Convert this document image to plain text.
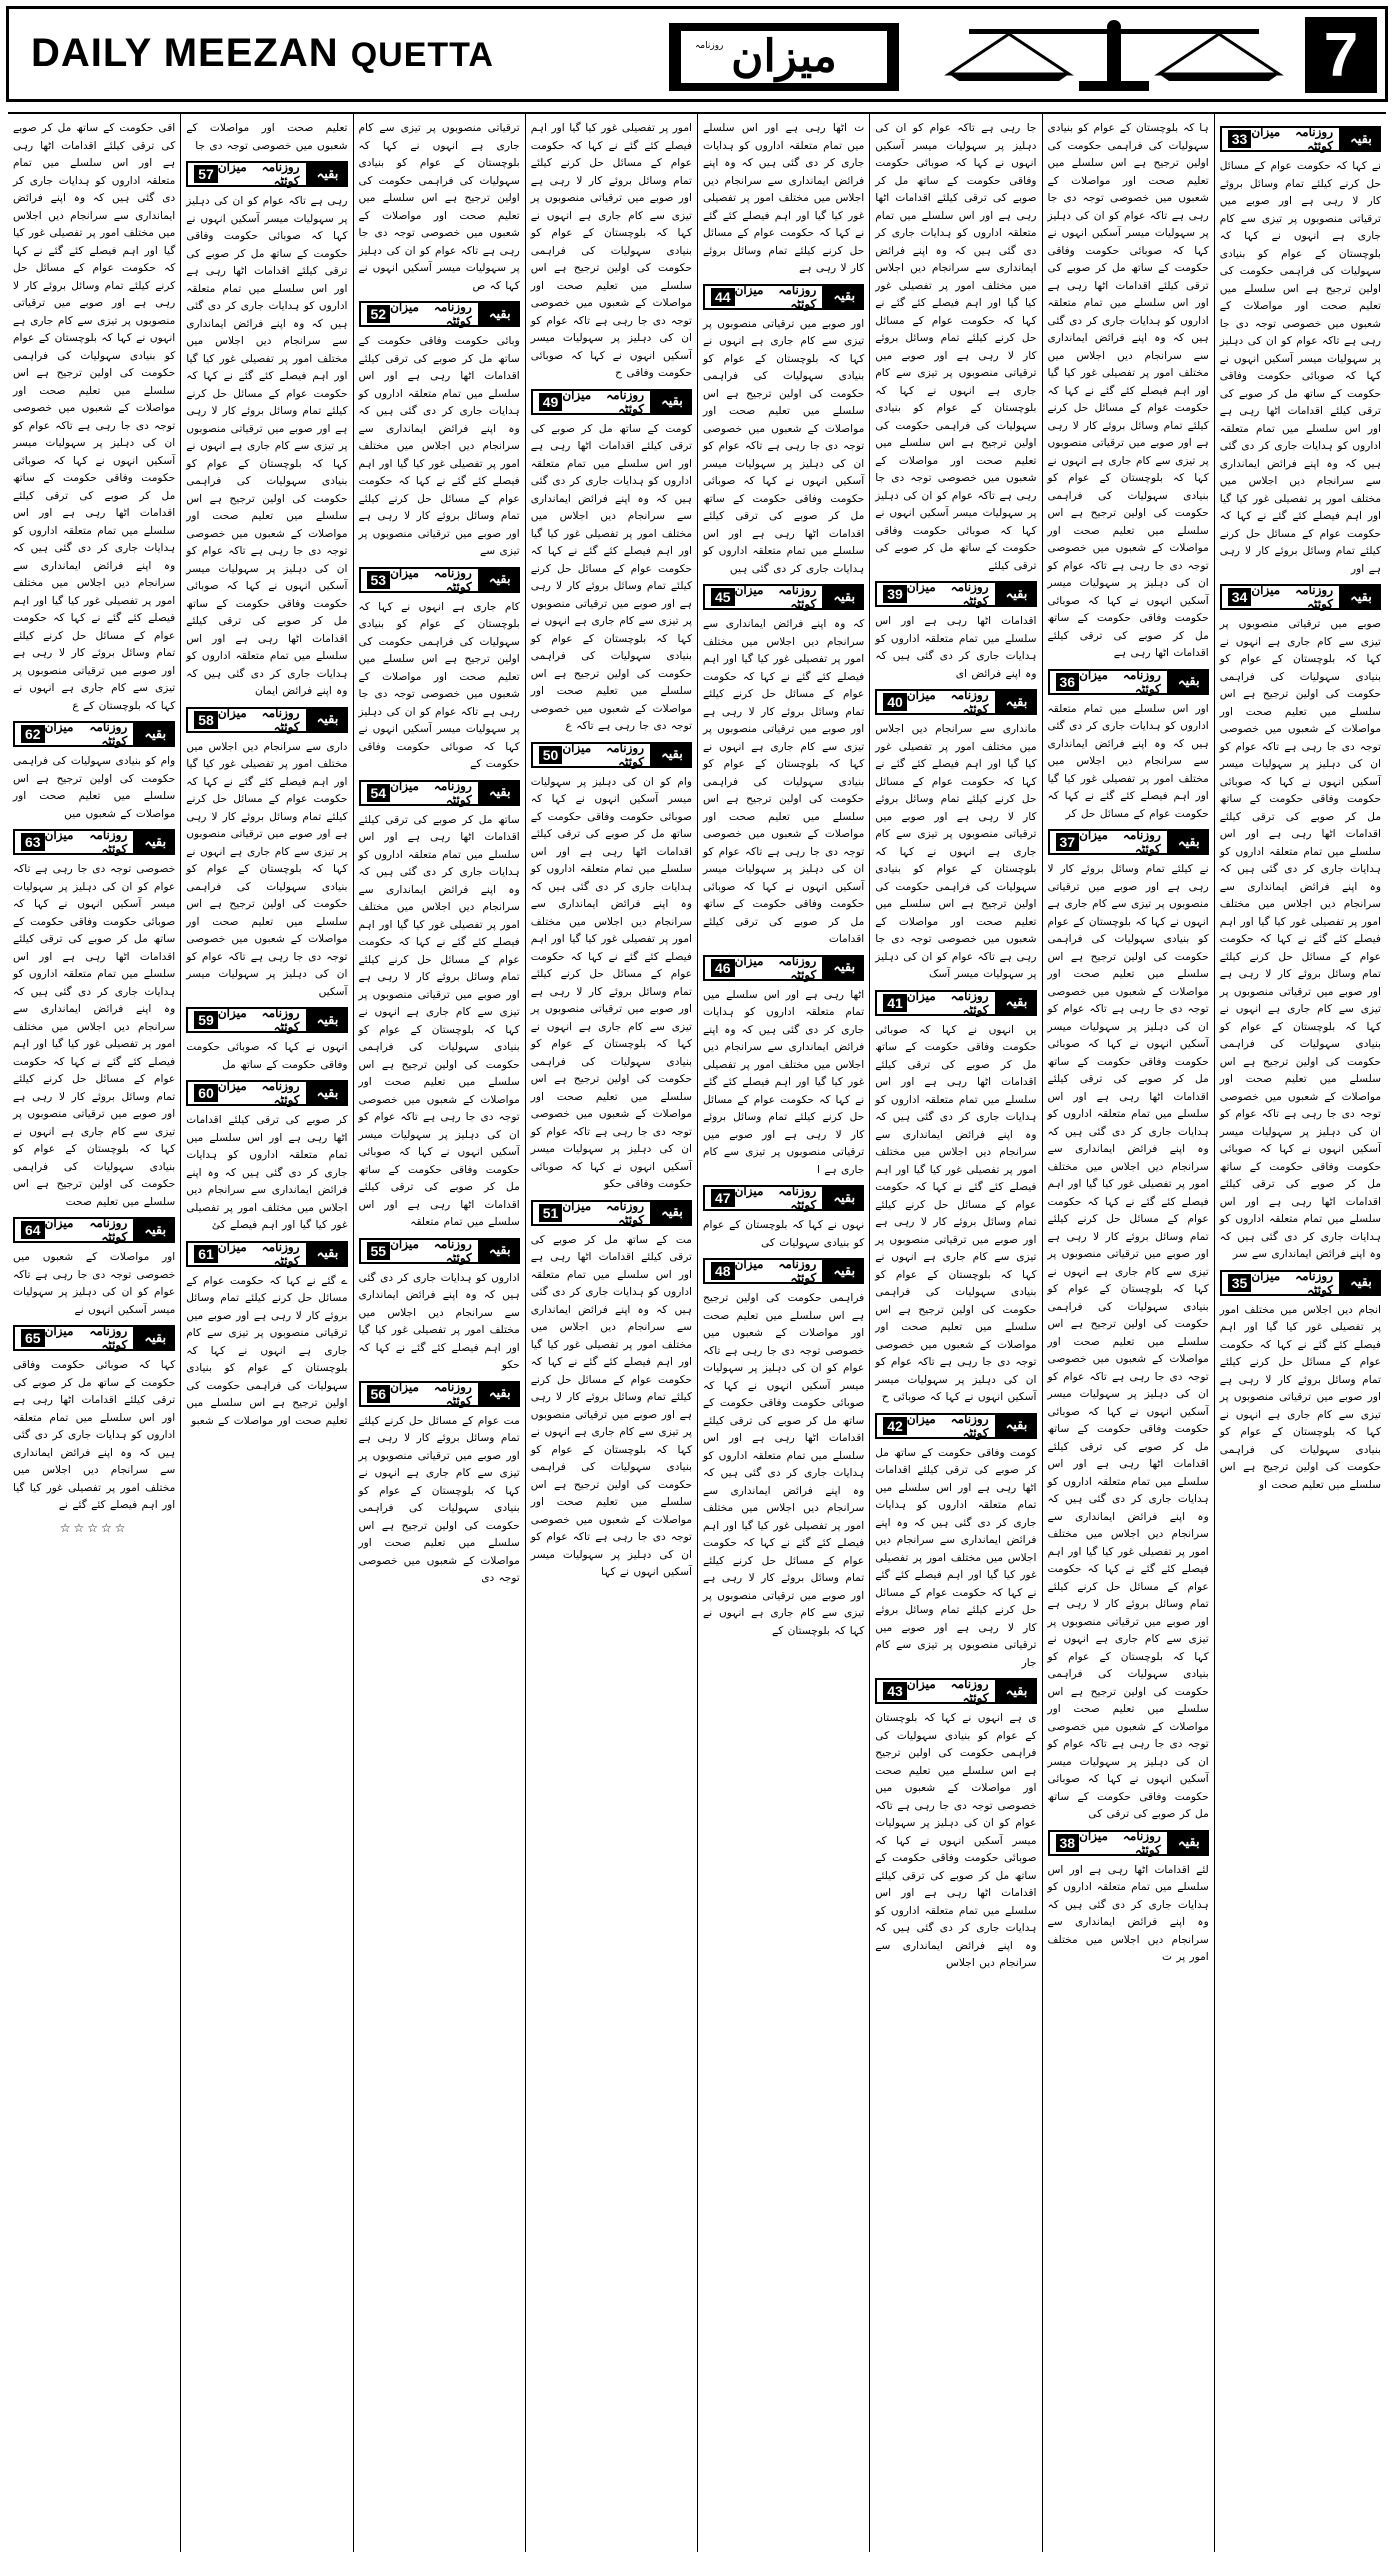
DAILY MEEZAN QUETTA	روزنامہ میزان	7
بقیہ
روزنامہ میزان کوئٹہ
33
نے کہا کہ حکومت عوام کے مسائل حل کرنے کیلئے تمام وسائل بروئے کار لا رہی ہے اور صوبے میں ترقیاتی منصوبوں پر تیزی سے کام جاری ہے انہوں نے کہا کہ بلوچستان کے عوام کو بنیادی سہولیات کی فراہمی حکومت کی اولین ترجیح ہے اس سلسلے میں تعلیم صحت اور مواصلات کے شعبوں میں خصوصی توجہ دی جا رہی ہے تاکہ عوام کو ان کی دہلیز پر سہولیات میسر آسکیں انہوں نے کہا کہ صوبائی حکومت وفاقی حکومت کے ساتھ مل کر صوبے کی ترقی کیلئے اقدامات اٹھا رہی ہے اور اس سلسلے میں تمام متعلقہ اداروں کو ہدایات جاری کر دی گئی ہیں کہ وہ اپنے فرائض ایمانداری سے سرانجام دیں اجلاس میں مختلف امور پر تفصیلی غور کیا گیا اور اہم فیصلے کئے گئے نے کہا کہ حکومت عوام کے مسائل حل کرنے کیلئے تمام وسائل بروئے کار لا رہی ہے اور
بقیہ
روزنامہ میزان کوئٹہ
34
صوبے میں ترقیاتی منصوبوں پر تیزی سے کام جاری ہے انہوں نے کہا کہ بلوچستان کے عوام کو بنیادی سہولیات کی فراہمی حکومت کی اولین ترجیح ہے اس سلسلے میں تعلیم صحت اور مواصلات کے شعبوں میں خصوصی توجہ دی جا رہی ہے تاکہ عوام کو ان کی دہلیز پر سہولیات میسر آسکیں انہوں نے کہا کہ صوبائی حکومت وفاقی حکومت کے ساتھ مل کر صوبے کی ترقی کیلئے اقدامات اٹھا رہی ہے اور اس سلسلے میں تمام متعلقہ اداروں کو ہدایات جاری کر دی گئی ہیں کہ وہ اپنے فرائض ایمانداری سے سرانجام دیں اجلاس میں مختلف امور پر تفصیلی غور کیا گیا اور اہم فیصلے کئے گئے نے کہا کہ حکومت عوام کے مسائل حل کرنے کیلئے تمام وسائل بروئے کار لا رہی ہے اور صوبے میں ترقیاتی منصوبوں پر تیزی سے کام جاری ہے انہوں نے کہا کہ بلوچستان کے عوام کو بنیادی سہولیات کی فراہمی حکومت کی اولین ترجیح ہے اس سلسلے میں تعلیم صحت اور مواصلات کے شعبوں میں خصوصی توجہ دی جا رہی ہے تاکہ عوام کو ان کی دہلیز پر سہولیات میسر آسکیں انہوں نے کہا کہ صوبائی حکومت وفاقی حکومت کے ساتھ مل کر صوبے کی ترقی کیلئے اقدامات اٹھا رہی ہے اور اس سلسلے میں تمام متعلقہ اداروں کو ہدایات جاری کر دی گئی ہیں کہ وہ اپنے فرائض ایمانداری سے سر
بقیہ
روزنامہ میزان کوئٹہ
35
انجام دیں اجلاس میں مختلف امور پر تفصیلی غور کیا گیا اور اہم فیصلے کئے گئے نے کہا کہ حکومت عوام کے مسائل حل کرنے کیلئے تمام وسائل بروئے کار لا رہی ہے اور صوبے میں ترقیاتی منصوبوں پر تیزی سے کام جاری ہے انہوں نے کہا کہ بلوچستان کے عوام کو بنیادی سہولیات کی فراہمی حکومت کی اولین ترجیح ہے اس سلسلے میں تعلیم صحت او
ہا کہ بلوچستان کے عوام کو بنیادی سہولیات کی فراہمی حکومت کی اولین ترجیح ہے اس سلسلے میں تعلیم صحت اور مواصلات کے شعبوں میں خصوصی توجہ دی جا رہی ہے تاکہ عوام کو ان کی دہلیز پر سہولیات میسر آسکیں انہوں نے کہا کہ صوبائی حکومت وفاقی حکومت کے ساتھ مل کر صوبے کی ترقی کیلئے اقدامات اٹھا رہی ہے اور اس سلسلے میں تمام متعلقہ اداروں کو ہدایات جاری کر دی گئی ہیں کہ وہ اپنے فرائض ایمانداری سے سرانجام دیں اجلاس میں مختلف امور پر تفصیلی غور کیا گیا اور اہم فیصلے کئے گئے نے کہا کہ حکومت عوام کے مسائل حل کرنے کیلئے تمام وسائل بروئے کار لا رہی ہے اور صوبے میں ترقیاتی منصوبوں پر تیزی سے کام جاری ہے انہوں نے کہا کہ بلوچستان کے عوام کو بنیادی سہولیات کی فراہمی حکومت کی اولین ترجیح ہے اس سلسلے میں تعلیم صحت اور مواصلات کے شعبوں میں خصوصی توجہ دی جا رہی ہے تاکہ عوام کو ان کی دہلیز پر سہولیات میسر آسکیں انہوں نے کہا کہ صوبائی حکومت وفاقی حکومت کے ساتھ مل کر صوبے کی ترقی کیلئے اقدامات اٹھا رہی ہے
بقیہ
روزنامہ میزان کوئٹہ
36
اور اس سلسلے میں تمام متعلقہ اداروں کو ہدایات جاری کر دی گئی ہیں کہ وہ اپنے فرائض ایمانداری سے سرانجام دیں اجلاس میں مختلف امور پر تفصیلی غور کیا گیا اور اہم فیصلے کئے گئے نے کہا کہ حکومت عوام کے مسائل حل کر
بقیہ
روزنامہ میزان کوئٹہ
37
نے کیلئے تمام وسائل بروئے کار لا رہی ہے اور صوبے میں ترقیاتی منصوبوں پر تیزی سے کام جاری ہے انہوں نے کہا کہ بلوچستان کے عوام کو بنیادی سہولیات کی فراہمی حکومت کی اولین ترجیح ہے اس سلسلے میں تعلیم صحت اور مواصلات کے شعبوں میں خصوصی توجہ دی جا رہی ہے تاکہ عوام کو ان کی دہلیز پر سہولیات میسر آسکیں انہوں نے کہا کہ صوبائی حکومت وفاقی حکومت کے ساتھ مل کر صوبے کی ترقی کیلئے اقدامات اٹھا رہی ہے اور اس سلسلے میں تمام متعلقہ اداروں کو ہدایات جاری کر دی گئی ہیں کہ وہ اپنے فرائض ایمانداری سے سرانجام دیں اجلاس میں مختلف امور پر تفصیلی غور کیا گیا اور اہم فیصلے کئے گئے نے کہا کہ حکومت عوام کے مسائل حل کرنے کیلئے تمام وسائل بروئے کار لا رہی ہے اور صوبے میں ترقیاتی منصوبوں پر تیزی سے کام جاری ہے انہوں نے کہا کہ بلوچستان کے عوام کو بنیادی سہولیات کی فراہمی حکومت کی اولین ترجیح ہے اس سلسلے میں تعلیم صحت اور مواصلات کے شعبوں میں خصوصی توجہ دی جا رہی ہے تاکہ عوام کو ان کی دہلیز پر سہولیات میسر آسکیں انہوں نے کہا کہ صوبائی حکومت وفاقی حکومت کے ساتھ مل کر صوبے کی ترقی کیلئے اقدامات اٹھا رہی ہے اور اس سلسلے میں تمام متعلقہ اداروں کو ہدایات جاری کر دی گئی ہیں کہ وہ اپنے فرائض ایمانداری سے سرانجام دیں اجلاس میں مختلف امور پر تفصیلی غور کیا گیا اور اہم فیصلے کئے گئے نے کہا کہ حکومت عوام کے مسائل حل کرنے کیلئے تمام وسائل بروئے کار لا رہی ہے اور صوبے میں ترقیاتی منصوبوں پر تیزی سے کام جاری ہے انہوں نے کہا کہ بلوچستان کے عوام کو بنیادی سہولیات کی فراہمی حکومت کی اولین ترجیح ہے اس سلسلے میں تعلیم صحت اور مواصلات کے شعبوں میں خصوصی توجہ دی جا رہی ہے تاکہ عوام کو ان کی دہلیز پر سہولیات میسر آسکیں انہوں نے کہا کہ صوبائی حکومت وفاقی حکومت کے ساتھ مل کر صوبے کی ترقی کی
بقیہ
روزنامہ میزان کوئٹہ
38
لئے اقدامات اٹھا رہی ہے اور اس سلسلے میں تمام متعلقہ اداروں کو ہدایات جاری کر دی گئی ہیں کہ وہ اپنے فرائض ایمانداری سے سرانجام دیں اجلاس میں مختلف امور پر ت
جا رہی ہے تاکہ عوام کو ان کی دہلیز پر سہولیات میسر آسکیں انہوں نے کہا کہ صوبائی حکومت وفاقی حکومت کے ساتھ مل کر صوبے کی ترقی کیلئے اقدامات اٹھا رہی ہے اور اس سلسلے میں تمام متعلقہ اداروں کو ہدایات جاری کر دی گئی ہیں کہ وہ اپنے فرائض ایمانداری سے سرانجام دیں اجلاس میں مختلف امور پر تفصیلی غور کیا گیا اور اہم فیصلے کئے گئے نے کہا کہ حکومت عوام کے مسائل حل کرنے کیلئے تمام وسائل بروئے کار لا رہی ہے اور صوبے میں ترقیاتی منصوبوں پر تیزی سے کام جاری ہے انہوں نے کہا کہ بلوچستان کے عوام کو بنیادی سہولیات کی فراہمی حکومت کی اولین ترجیح ہے اس سلسلے میں تعلیم صحت اور مواصلات کے شعبوں میں خصوصی توجہ دی جا رہی ہے تاکہ عوام کو ان کی دہلیز پر سہولیات میسر آسکیں انہوں نے کہا کہ صوبائی حکومت وفاقی حکومت کے ساتھ مل کر صوبے کی ترقی کیلئے
بقیہ
روزنامہ میزان کوئٹہ
39
اقدامات اٹھا رہی ہے اور اس سلسلے میں تمام متعلقہ اداروں کو ہدایات جاری کر دی گئی ہیں کہ وہ اپنے فرائض ای
بقیہ
روزنامہ میزان کوئٹہ
40
مانداری سے سرانجام دیں اجلاس میں مختلف امور پر تفصیلی غور کیا گیا اور اہم فیصلے کئے گئے نے کہا کہ حکومت عوام کے مسائل حل کرنے کیلئے تمام وسائل بروئے کار لا رہی ہے اور صوبے میں ترقیاتی منصوبوں پر تیزی سے کام جاری ہے انہوں نے کہا کہ بلوچستان کے عوام کو بنیادی سہولیات کی فراہمی حکومت کی اولین ترجیح ہے اس سلسلے میں تعلیم صحت اور مواصلات کے شعبوں میں خصوصی توجہ دی جا رہی ہے تاکہ عوام کو ان کی دہلیز پر سہولیات میسر آسک
بقیہ
روزنامہ میزان کوئٹہ
41
یں انہوں نے کہا کہ صوبائی حکومت وفاقی حکومت کے ساتھ مل کر صوبے کی ترقی کیلئے اقدامات اٹھا رہی ہے اور اس سلسلے میں تمام متعلقہ اداروں کو ہدایات جاری کر دی گئی ہیں کہ وہ اپنے فرائض ایمانداری سے سرانجام دیں اجلاس میں مختلف امور پر تفصیلی غور کیا گیا اور اہم فیصلے کئے گئے نے کہا کہ حکومت عوام کے مسائل حل کرنے کیلئے تمام وسائل بروئے کار لا رہی ہے اور صوبے میں ترقیاتی منصوبوں پر تیزی سے کام جاری ہے انہوں نے کہا کہ بلوچستان کے عوام کو بنیادی سہولیات کی فراہمی حکومت کی اولین ترجیح ہے اس سلسلے میں تعلیم صحت اور مواصلات کے شعبوں میں خصوصی توجہ دی جا رہی ہے تاکہ عوام کو ان کی دہلیز پر سہولیات میسر آسکیں انہوں نے کہا کہ صوبائی ح
بقیہ
روزنامہ میزان کوئٹہ
42
کومت وفاقی حکومت کے ساتھ مل کر صوبے کی ترقی کیلئے اقدامات اٹھا رہی ہے اور اس سلسلے میں تمام متعلقہ اداروں کو ہدایات جاری کر دی گئی ہیں کہ وہ اپنے فرائض ایمانداری سے سرانجام دیں اجلاس میں مختلف امور پر تفصیلی غور کیا گیا اور اہم فیصلے کئے گئے نے کہا کہ حکومت عوام کے مسائل حل کرنے کیلئے تمام وسائل بروئے کار لا رہی ہے اور صوبے میں ترقیاتی منصوبوں پر تیزی سے کام جار
بقیہ
روزنامہ میزان کوئٹہ
43
ی ہے انہوں نے کہا کہ بلوچستان کے عوام کو بنیادی سہولیات کی فراہمی حکومت کی اولین ترجیح ہے اس سلسلے میں تعلیم صحت اور مواصلات کے شعبوں میں خصوصی توجہ دی جا رہی ہے تاکہ عوام کو ان کی دہلیز پر سہولیات میسر آسکیں انہوں نے کہا کہ صوبائی حکومت وفاقی حکومت کے ساتھ مل کر صوبے کی ترقی کیلئے اقدامات اٹھا رہی ہے اور اس سلسلے میں تمام متعلقہ اداروں کو ہدایات جاری کر دی گئی ہیں کہ وہ اپنے فرائض ایمانداری سے سرانجام دیں اجلاس
ت اٹھا رہی ہے اور اس سلسلے میں تمام متعلقہ اداروں کو ہدایات جاری کر دی گئی ہیں کہ وہ اپنے فرائض ایمانداری سے سرانجام دیں اجلاس میں مختلف امور پر تفصیلی غور کیا گیا اور اہم فیصلے کئے گئے نے کہا کہ حکومت عوام کے مسائل حل کرنے کیلئے تمام وسائل بروئے کار لا رہی ہے
بقیہ
روزنامہ میزان کوئٹہ
44
اور صوبے میں ترقیاتی منصوبوں پر تیزی سے کام جاری ہے انہوں نے کہا کہ بلوچستان کے عوام کو بنیادی سہولیات کی فراہمی حکومت کی اولین ترجیح ہے اس سلسلے میں تعلیم صحت اور مواصلات کے شعبوں میں خصوصی توجہ دی جا رہی ہے تاکہ عوام کو ان کی دہلیز پر سہولیات میسر آسکیں انہوں نے کہا کہ صوبائی حکومت وفاقی حکومت کے ساتھ مل کر صوبے کی ترقی کیلئے اقدامات اٹھا رہی ہے اور اس سلسلے میں تمام متعلقہ اداروں کو ہدایات جاری کر دی گئی ہیں
بقیہ
روزنامہ میزان کوئٹہ
45
کہ وہ اپنے فرائض ایمانداری سے سرانجام دیں اجلاس میں مختلف امور پر تفصیلی غور کیا گیا اور اہم فیصلے کئے گئے نے کہا کہ حکومت عوام کے مسائل حل کرنے کیلئے تمام وسائل بروئے کار لا رہی ہے اور صوبے میں ترقیاتی منصوبوں پر تیزی سے کام جاری ہے انہوں نے کہا کہ بلوچستان کے عوام کو بنیادی سہولیات کی فراہمی حکومت کی اولین ترجیح ہے اس سلسلے میں تعلیم صحت اور مواصلات کے شعبوں میں خصوصی توجہ دی جا رہی ہے تاکہ عوام کو ان کی دہلیز پر سہولیات میسر آسکیں انہوں نے کہا کہ صوبائی حکومت وفاقی حکومت کے ساتھ مل کر صوبے کی ترقی کیلئے اقدامات
بقیہ
روزنامہ میزان کوئٹہ
46
اٹھا رہی ہے اور اس سلسلے میں تمام متعلقہ اداروں کو ہدایات جاری کر دی گئی ہیں کہ وہ اپنے فرائض ایمانداری سے سرانجام دیں اجلاس میں مختلف امور پر تفصیلی غور کیا گیا اور اہم فیصلے کئے گئے نے کہا کہ حکومت عوام کے مسائل حل کرنے کیلئے تمام وسائل بروئے کار لا رہی ہے اور صوبے میں ترقیاتی منصوبوں پر تیزی سے کام جاری ہے ا
بقیہ
روزنامہ میزان کوئٹہ
47
نہوں نے کہا کہ بلوچستان کے عوام کو بنیادی سہولیات کی
بقیہ
روزنامہ میزان کوئٹہ
48
فراہمی حکومت کی اولین ترجیح ہے اس سلسلے میں تعلیم صحت اور مواصلات کے شعبوں میں خصوصی توجہ دی جا رہی ہے تاکہ عوام کو ان کی دہلیز پر سہولیات میسر آسکیں انہوں نے کہا کہ صوبائی حکومت وفاقی حکومت کے ساتھ مل کر صوبے کی ترقی کیلئے اقدامات اٹھا رہی ہے اور اس سلسلے میں تمام متعلقہ اداروں کو ہدایات جاری کر دی گئی ہیں کہ وہ اپنے فرائض ایمانداری سے سرانجام دیں اجلاس میں مختلف امور پر تفصیلی غور کیا گیا اور اہم فیصلے کئے گئے نے کہا کہ حکومت عوام کے مسائل حل کرنے کیلئے تمام وسائل بروئے کار لا رہی ہے اور صوبے میں ترقیاتی منصوبوں پر تیزی سے کام جاری ہے انہوں نے کہا کہ بلوچستان کے
امور پر تفصیلی غور کیا گیا اور اہم فیصلے کئے گئے نے کہا کہ حکومت عوام کے مسائل حل کرنے کیلئے تمام وسائل بروئے کار لا رہی ہے اور صوبے میں ترقیاتی منصوبوں پر تیزی سے کام جاری ہے انہوں نے کہا کہ بلوچستان کے عوام کو بنیادی سہولیات کی فراہمی حکومت کی اولین ترجیح ہے اس سلسلے میں تعلیم صحت اور مواصلات کے شعبوں میں خصوصی توجہ دی جا رہی ہے تاکہ عوام کو ان کی دہلیز پر سہولیات میسر آسکیں انہوں نے کہا کہ صوبائی حکومت وفاقی ح
بقیہ
روزنامہ میزان کوئٹہ
49
کومت کے ساتھ مل کر صوبے کی ترقی کیلئے اقدامات اٹھا رہی ہے اور اس سلسلے میں تمام متعلقہ اداروں کو ہدایات جاری کر دی گئی ہیں کہ وہ اپنے فرائض ایمانداری سے سرانجام دیں اجلاس میں مختلف امور پر تفصیلی غور کیا گیا اور اہم فیصلے کئے گئے نے کہا کہ حکومت عوام کے مسائل حل کرنے کیلئے تمام وسائل بروئے کار لا رہی ہے اور صوبے میں ترقیاتی منصوبوں پر تیزی سے کام جاری ہے انہوں نے کہا کہ بلوچستان کے عوام کو بنیادی سہولیات کی فراہمی حکومت کی اولین ترجیح ہے اس سلسلے میں تعلیم صحت اور مواصلات کے شعبوں میں خصوصی توجہ دی جا رہی ہے تاکہ ع
بقیہ
روزنامہ میزان کوئٹہ
50
وام کو ان کی دہلیز پر سہولیات میسر آسکیں انہوں نے کہا کہ صوبائی حکومت وفاقی حکومت کے ساتھ مل کر صوبے کی ترقی کیلئے اقدامات اٹھا رہی ہے اور اس سلسلے میں تمام متعلقہ اداروں کو ہدایات جاری کر دی گئی ہیں کہ وہ اپنے فرائض ایمانداری سے سرانجام دیں اجلاس میں مختلف امور پر تفصیلی غور کیا گیا اور اہم فیصلے کئے گئے نے کہا کہ حکومت عوام کے مسائل حل کرنے کیلئے تمام وسائل بروئے کار لا رہی ہے اور صوبے میں ترقیاتی منصوبوں پر تیزی سے کام جاری ہے انہوں نے کہا کہ بلوچستان کے عوام کو بنیادی سہولیات کی فراہمی حکومت کی اولین ترجیح ہے اس سلسلے میں تعلیم صحت اور مواصلات کے شعبوں میں خصوصی توجہ دی جا رہی ہے تاکہ عوام کو ان کی دہلیز پر سہولیات میسر آسکیں انہوں نے کہا کہ صوبائی حکومت وفاقی حکو
بقیہ
روزنامہ میزان کوئٹہ
51
مت کے ساتھ مل کر صوبے کی ترقی کیلئے اقدامات اٹھا رہی ہے اور اس سلسلے میں تمام متعلقہ اداروں کو ہدایات جاری کر دی گئی ہیں کہ وہ اپنے فرائض ایمانداری سے سرانجام دیں اجلاس میں مختلف امور پر تفصیلی غور کیا گیا اور اہم فیصلے کئے گئے نے کہا کہ حکومت عوام کے مسائل حل کرنے کیلئے تمام وسائل بروئے کار لا رہی ہے اور صوبے میں ترقیاتی منصوبوں پر تیزی سے کام جاری ہے انہوں نے کہا کہ بلوچستان کے عوام کو بنیادی سہولیات کی فراہمی حکومت کی اولین ترجیح ہے اس سلسلے میں تعلیم صحت اور مواصلات کے شعبوں میں خصوصی توجہ دی جا رہی ہے تاکہ عوام کو ان کی دہلیز پر سہولیات میسر آسکیں انہوں نے کہا
ترقیاتی منصوبوں پر تیزی سے کام جاری ہے انہوں نے کہا کہ بلوچستان کے عوام کو بنیادی سہولیات کی فراہمی حکومت کی اولین ترجیح ہے اس سلسلے میں تعلیم صحت اور مواصلات کے شعبوں میں خصوصی توجہ دی جا رہی ہے تاکہ عوام کو ان کی دہلیز پر سہولیات میسر آسکیں انہوں نے کہا کہ ص
بقیہ
روزنامہ میزان کوئٹہ
52
وبائی حکومت وفاقی حکومت کے ساتھ مل کر صوبے کی ترقی کیلئے اقدامات اٹھا رہی ہے اور اس سلسلے میں تمام متعلقہ اداروں کو ہدایات جاری کر دی گئی ہیں کہ وہ اپنے فرائض ایمانداری سے سرانجام دیں اجلاس میں مختلف امور پر تفصیلی غور کیا گیا اور اہم فیصلے کئے گئے نے کہا کہ حکومت عوام کے مسائل حل کرنے کیلئے تمام وسائل بروئے کار لا رہی ہے اور صوبے میں ترقیاتی منصوبوں پر تیزی سے
بقیہ
روزنامہ میزان کوئٹہ
53
کام جاری ہے انہوں نے کہا کہ بلوچستان کے عوام کو بنیادی سہولیات کی فراہمی حکومت کی اولین ترجیح ہے اس سلسلے میں تعلیم صحت اور مواصلات کے شعبوں میں خصوصی توجہ دی جا رہی ہے تاکہ عوام کو ان کی دہلیز پر سہولیات میسر آسکیں انہوں نے کہا کہ صوبائی حکومت وفاقی حکومت کے
بقیہ
روزنامہ میزان کوئٹہ
54
ساتھ مل کر صوبے کی ترقی کیلئے اقدامات اٹھا رہی ہے اور اس سلسلے میں تمام متعلقہ اداروں کو ہدایات جاری کر دی گئی ہیں کہ وہ اپنے فرائض ایمانداری سے سرانجام دیں اجلاس میں مختلف امور پر تفصیلی غور کیا گیا اور اہم فیصلے کئے گئے نے کہا کہ حکومت عوام کے مسائل حل کرنے کیلئے تمام وسائل بروئے کار لا رہی ہے اور صوبے میں ترقیاتی منصوبوں پر تیزی سے کام جاری ہے انہوں نے کہا کہ بلوچستان کے عوام کو بنیادی سہولیات کی فراہمی حکومت کی اولین ترجیح ہے اس سلسلے میں تعلیم صحت اور مواصلات کے شعبوں میں خصوصی توجہ دی جا رہی ہے تاکہ عوام کو ان کی دہلیز پر سہولیات میسر آسکیں انہوں نے کہا کہ صوبائی حکومت وفاقی حکومت کے ساتھ مل کر صوبے کی ترقی کیلئے اقدامات اٹھا رہی ہے اور اس سلسلے میں تمام متعلقہ
بقیہ
روزنامہ میزان کوئٹہ
55
اداروں کو ہدایات جاری کر دی گئی ہیں کہ وہ اپنے فرائض ایمانداری سے سرانجام دیں اجلاس میں مختلف امور پر تفصیلی غور کیا گیا اور اہم فیصلے کئے گئے نے کہا کہ حکو
بقیہ
روزنامہ میزان کوئٹہ
56
مت عوام کے مسائل حل کرنے کیلئے تمام وسائل بروئے کار لا رہی ہے اور صوبے میں ترقیاتی منصوبوں پر تیزی سے کام جاری ہے انہوں نے کہا کہ بلوچستان کے عوام کو بنیادی سہولیات کی فراہمی حکومت کی اولین ترجیح ہے اس سلسلے میں تعلیم صحت اور مواصلات کے شعبوں میں خصوصی توجہ دی
تعلیم صحت اور مواصلات کے شعبوں میں خصوصی توجہ دی جا
بقیہ
روزنامہ میزان کوئٹہ
57
رہی ہے تاکہ عوام کو ان کی دہلیز پر سہولیات میسر آسکیں انہوں نے کہا کہ صوبائی حکومت وفاقی حکومت کے ساتھ مل کر صوبے کی ترقی کیلئے اقدامات اٹھا رہی ہے اور اس سلسلے میں تمام متعلقہ اداروں کو ہدایات جاری کر دی گئی ہیں کہ وہ اپنے فرائض ایمانداری سے سرانجام دیں اجلاس میں مختلف امور پر تفصیلی غور کیا گیا اور اہم فیصلے کئے گئے نے کہا کہ حکومت عوام کے مسائل حل کرنے کیلئے تمام وسائل بروئے کار لا رہی ہے اور صوبے میں ترقیاتی منصوبوں پر تیزی سے کام جاری ہے انہوں نے کہا کہ بلوچستان کے عوام کو بنیادی سہولیات کی فراہمی حکومت کی اولین ترجیح ہے اس سلسلے میں تعلیم صحت اور مواصلات کے شعبوں میں خصوصی توجہ دی جا رہی ہے تاکہ عوام کو ان کی دہلیز پر سہولیات میسر آسکیں انہوں نے کہا کہ صوبائی حکومت وفاقی حکومت کے ساتھ مل کر صوبے کی ترقی کیلئے اقدامات اٹھا رہی ہے اور اس سلسلے میں تمام متعلقہ اداروں کو ہدایات جاری کر دی گئی ہیں کہ وہ اپنے فرائض ایمان
بقیہ
روزنامہ میزان کوئٹہ
58
داری سے سرانجام دیں اجلاس میں مختلف امور پر تفصیلی غور کیا گیا اور اہم فیصلے کئے گئے نے کہا کہ حکومت عوام کے مسائل حل کرنے کیلئے تمام وسائل بروئے کار لا رہی ہے اور صوبے میں ترقیاتی منصوبوں پر تیزی سے کام جاری ہے انہوں نے کہا کہ بلوچستان کے عوام کو بنیادی سہولیات کی فراہمی حکومت کی اولین ترجیح ہے اس سلسلے میں تعلیم صحت اور مواصلات کے شعبوں میں خصوصی توجہ دی جا رہی ہے تاکہ عوام کو ان کی دہلیز پر سہولیات میسر آسکیں
بقیہ
روزنامہ میزان کوئٹہ
59
انہوں نے کہا کہ صوبائی حکومت وفاقی حکومت کے ساتھ مل
بقیہ
روزنامہ میزان کوئٹہ
60
کر صوبے کی ترقی کیلئے اقدامات اٹھا رہی ہے اور اس سلسلے میں تمام متعلقہ اداروں کو ہدایات جاری کر دی گئی ہیں کہ وہ اپنے فرائض ایمانداری سے سرانجام دیں اجلاس میں مختلف امور پر تفصیلی غور کیا گیا اور اہم فیصلے کئ
بقیہ
روزنامہ میزان کوئٹہ
61
ے گئے نے کہا کہ حکومت عوام کے مسائل حل کرنے کیلئے تمام وسائل بروئے کار لا رہی ہے اور صوبے میں ترقیاتی منصوبوں پر تیزی سے کام جاری ہے انہوں نے کہا کہ بلوچستان کے عوام کو بنیادی سہولیات کی فراہمی حکومت کی اولین ترجیح ہے اس سلسلے میں تعلیم صحت اور مواصلات کے شعبو
اقی حکومت کے ساتھ مل کر صوبے کی ترقی کیلئے اقدامات اٹھا رہی ہے اور اس سلسلے میں تمام متعلقہ اداروں کو ہدایات جاری کر دی گئی ہیں کہ وہ اپنے فرائض ایمانداری سے سرانجام دیں اجلاس میں مختلف امور پر تفصیلی غور کیا گیا اور اہم فیصلے کئے گئے نے کہا کہ حکومت عوام کے مسائل حل کرنے کیلئے تمام وسائل بروئے کار لا رہی ہے اور صوبے میں ترقیاتی منصوبوں پر تیزی سے کام جاری ہے انہوں نے کہا کہ بلوچستان کے عوام کو بنیادی سہولیات کی فراہمی حکومت کی اولین ترجیح ہے اس سلسلے میں تعلیم صحت اور مواصلات کے شعبوں میں خصوصی توجہ دی جا رہی ہے تاکہ عوام کو ان کی دہلیز پر سہولیات میسر آسکیں انہوں نے کہا کہ صوبائی حکومت وفاقی حکومت کے ساتھ مل کر صوبے کی ترقی کیلئے اقدامات اٹھا رہی ہے اور اس سلسلے میں تمام متعلقہ اداروں کو ہدایات جاری کر دی گئی ہیں کہ وہ اپنے فرائض ایمانداری سے سرانجام دیں اجلاس میں مختلف امور پر تفصیلی غور کیا گیا اور اہم فیصلے کئے گئے نے کہا کہ حکومت عوام کے مسائل حل کرنے کیلئے تمام وسائل بروئے کار لا رہی ہے اور صوبے میں ترقیاتی منصوبوں پر تیزی سے کام جاری ہے انہوں نے کہا کہ بلوچستان کے ع
بقیہ
روزنامہ میزان کوئٹہ
62
وام کو بنیادی سہولیات کی فراہمی حکومت کی اولین ترجیح ہے اس سلسلے میں تعلیم صحت اور مواصلات کے شعبوں میں
بقیہ
روزنامہ میزان کوئٹہ
63
خصوصی توجہ دی جا رہی ہے تاکہ عوام کو ان کی دہلیز پر سہولیات میسر آسکیں انہوں نے کہا کہ صوبائی حکومت وفاقی حکومت کے ساتھ مل کر صوبے کی ترقی کیلئے اقدامات اٹھا رہی ہے اور اس سلسلے میں تمام متعلقہ اداروں کو ہدایات جاری کر دی گئی ہیں کہ وہ اپنے فرائض ایمانداری سے سرانجام دیں اجلاس میں مختلف امور پر تفصیلی غور کیا گیا اور اہم فیصلے کئے گئے نے کہا کہ حکومت عوام کے مسائل حل کرنے کیلئے تمام وسائل بروئے کار لا رہی ہے اور صوبے میں ترقیاتی منصوبوں پر تیزی سے کام جاری ہے انہوں نے کہا کہ بلوچستان کے عوام کو بنیادی سہولیات کی فراہمی حکومت کی اولین ترجیح ہے اس سلسلے میں تعلیم صحت
بقیہ
روزنامہ میزان کوئٹہ
64
اور مواصلات کے شعبوں میں خصوصی توجہ دی جا رہی ہے تاکہ عوام کو ان کی دہلیز پر سہولیات میسر آسکیں انہوں نے
بقیہ
روزنامہ میزان کوئٹہ
65
کہا کہ صوبائی حکومت وفاقی حکومت کے ساتھ مل کر صوبے کی ترقی کیلئے اقدامات اٹھا رہی ہے اور اس سلسلے میں تمام متعلقہ اداروں کو ہدایات جاری کر دی گئی ہیں کہ وہ اپنے فرائض ایمانداری سے سرانجام دیں اجلاس میں مختلف امور پر تفصیلی غور کیا گیا اور اہم فیصلے کئے گئے نے
☆☆☆☆☆
